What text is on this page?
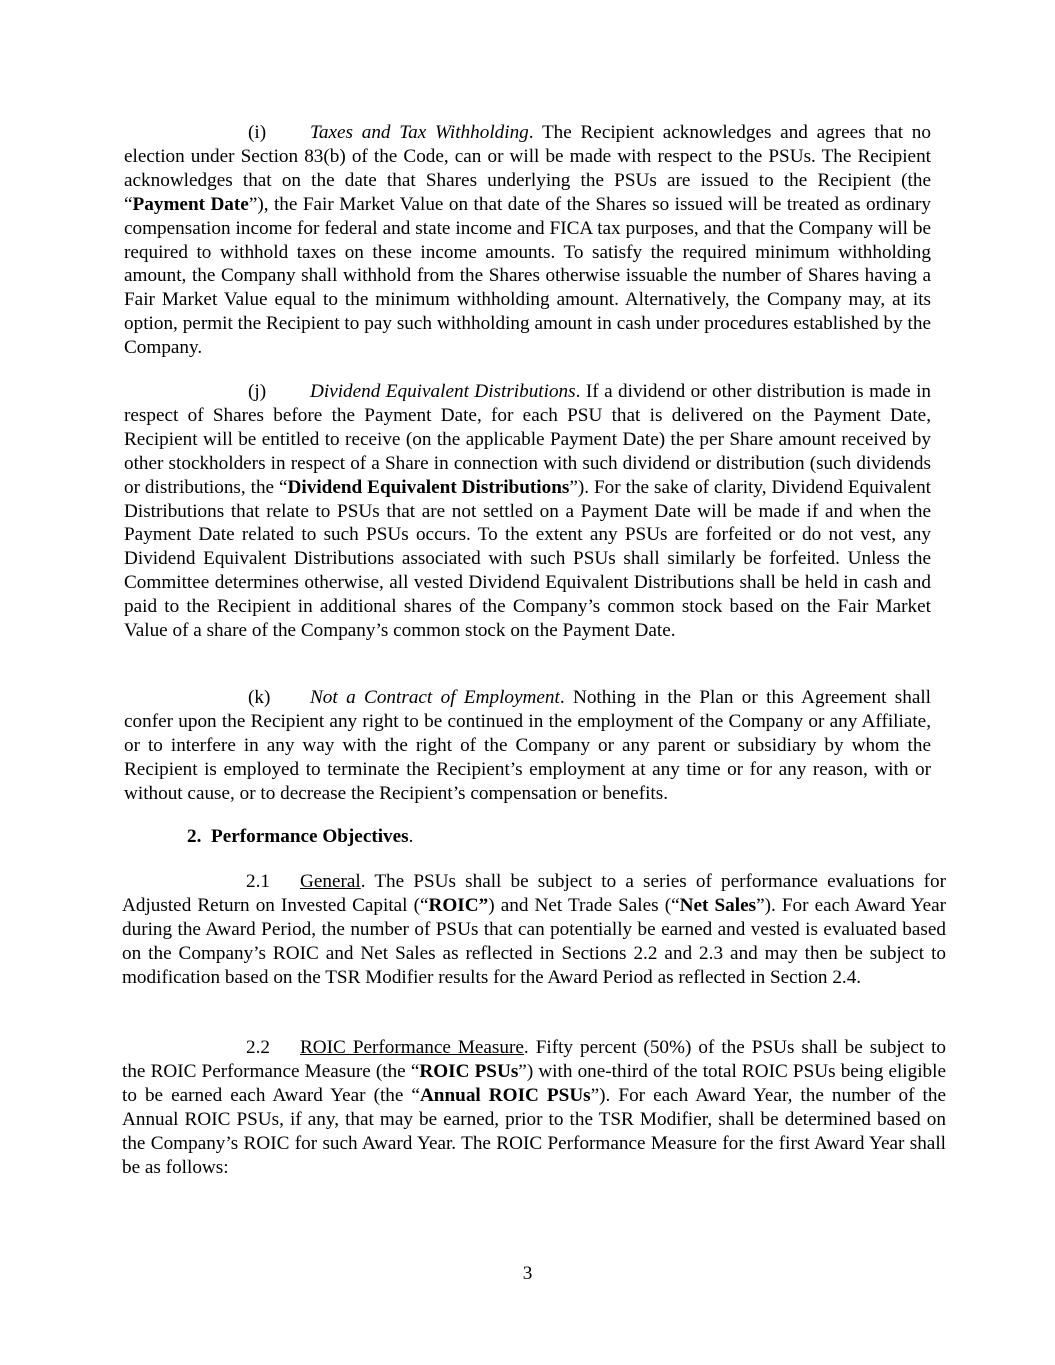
(i) Taxes and Tax Withholding. The Recipient acknowledges and agrees that no election under Section 83(b) of the Code, can or will be made with respect to the PSUs. The Recipient acknowledges that on the date that Shares underlying the PSUs are issued to the Recipient (the “Payment Date”), the Fair Market Value on that date of the Shares so issued will be treated as ordinary compensation income for federal and state income and FICA tax purposes, and that the Company will be required to withhold taxes on these income amounts. To satisfy the required minimum withholding amount, the Company shall withhold from the Shares otherwise issuable the number of Shares having a Fair Market Value equal to the minimum withholding amount. Alternatively, the Company may, at its option, permit the Recipient to pay such withholding amount in cash under procedures established by the Company.

(j) Dividend Equivalent Distributions. If a dividend or other distribution is made in respect of Shares before the Payment Date, for each PSU that is delivered on the Payment Date, Recipient will be entitled to receive (on the applicable Payment Date) the per Share amount received by other stockholders in respect of a Share in connection with such dividend or distribution (such dividends or distributions, the “Dividend Equivalent Distributions”). For the sake of clarity, Dividend Equivalent Distributions that relate to PSUs that are not settled on a Payment Date will be made if and when the Payment Date related to such PSUs occurs. To the extent any PSUs are forfeited or do not vest, any Dividend Equivalent Distributions associated with such PSUs shall similarly be forfeited. Unless the Committee determines otherwise, all vested Dividend Equivalent Distributions shall be held in cash and paid to the Recipient in additional shares of the Company’s common stock based on the Fair Market Value of a share of the Company’s common stock on the Payment Date.

(k) Not a Contract of Employment. Nothing in the Plan or this Agreement shall confer upon the Recipient any right to be continued in the employment of the Company or any Affiliate, or to interfere in any way with the right of the Company or any parent or subsidiary by whom the Recipient is employed to terminate the Recipient’s employment at any time or for any reason, with or without cause, or to decrease the Recipient’s compensation or benefits.

2. Performance Objectives.

2.1 General. The PSUs shall be subject to a series of performance evaluations for Adjusted Return on Invested Capital (“ROIC”) and Net Trade Sales (“Net Sales”). For each Award Year during the Award Period, the number of PSUs that can potentially be earned and vested is evaluated based on the Company’s ROIC and Net Sales as reflected in Sections 2.2 and 2.3 and may then be subject to modification based on the TSR Modifier results for the Award Period as reflected in Section 2.4.

2.2 ROIC Performance Measure. Fifty percent (50%) of the PSUs shall be subject to the ROIC Performance Measure (the “ROIC PSUs”) with one-third of the total ROIC PSUs being eligible to be earned each Award Year (the “Annual ROIC PSUs”). For each Award Year, the number of the Annual ROIC PSUs, if any, that may be earned, prior to the TSR Modifier, shall be determined based on the Company’s ROIC for such Award Year. The ROIC Performance Measure for the first Award Year shall be as follows:

3
